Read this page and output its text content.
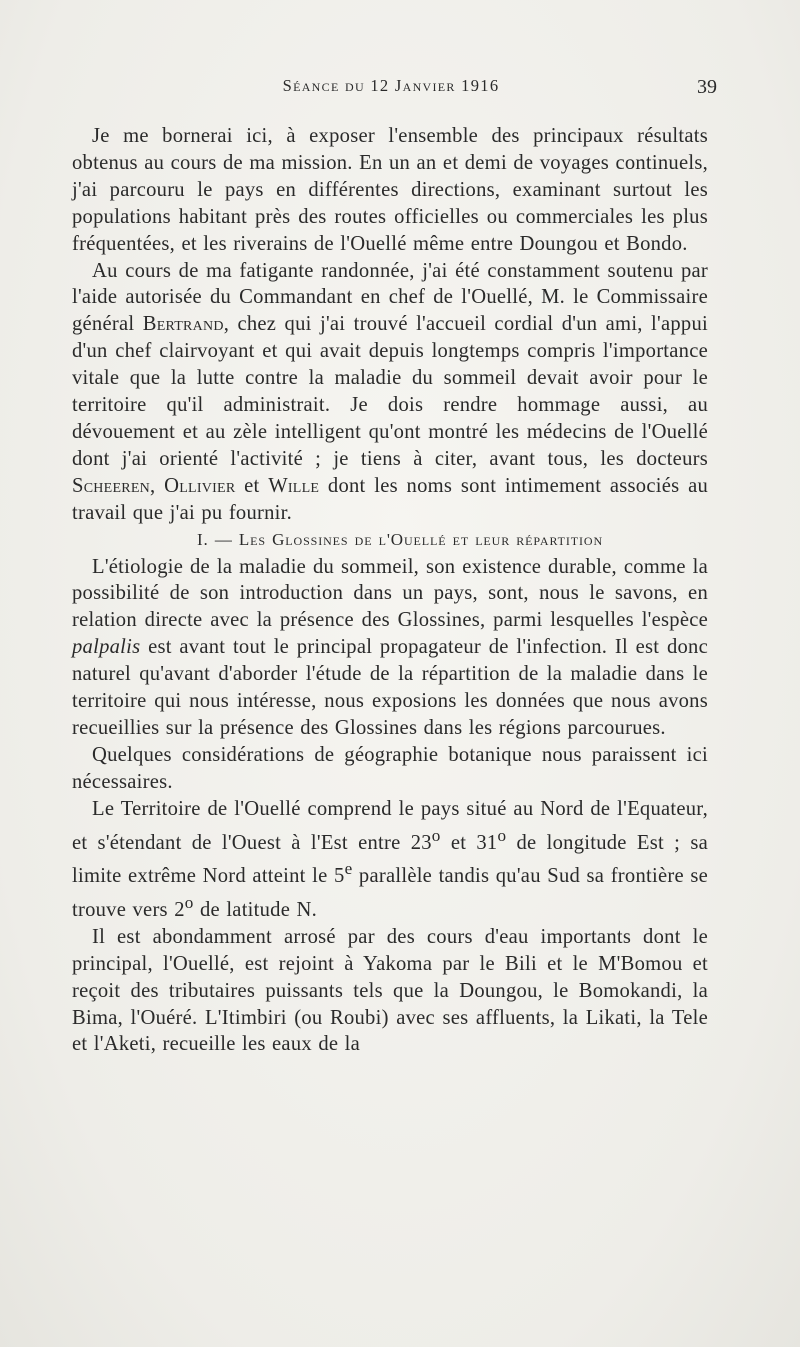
Séance du 12 Janvier 1916	39

Je me bornerai ici, à exposer l'ensemble des principaux résultats obtenus au cours de ma mission. En un an et demi de voyages continuels, j'ai parcouru le pays en différentes directions, examinant surtout les populations habitant près des routes officielles ou commerciales les plus fréquentées, et les riverains de l'Ouellé même entre Doungou et Bondo.

Au cours de ma fatigante randonnée, j'ai été constamment soutenu par l'aide autorisée du Commandant en chef de l'Ouellé, M. le Commissaire général Bertrand, chez qui j'ai trouvé l'accueil cordial d'un ami, l'appui d'un chef clairvoyant et qui avait depuis longtemps compris l'importance vitale que la lutte contre la maladie du sommeil devait avoir pour le territoire qu'il administrait. Je dois rendre hommage aussi, au dévouement et au zèle intelligent qu'ont montré les médecins de l'Ouellé dont j'ai orienté l'activité ; je tiens à citer, avant tous, les docteurs Scheeren, Ollivier et Wille dont les noms sont intimement associés au travail que j'ai pu fournir.

I. — Les Glossines de l'Ouellé et leur répartition

L'étiologie de la maladie du sommeil, son existence durable, comme la possibilité de son introduction dans un pays, sont, nous le savons, en relation directe avec la présence des Glossines, parmi lesquelles l'espèce palpalis est avant tout le principal propagateur de l'infection. Il est donc naturel qu'avant d'aborder l'étude de la répartition de la maladie dans le territoire qui nous intéresse, nous exposions les données que nous avons recueillies sur la présence des Glossines dans les régions parcourues.

Quelques considérations de géographie botanique nous paraissent ici nécessaires.

Le Territoire de l'Ouellé comprend le pays situé au Nord de l'Equateur, et s'étendant de l'Ouest à l'Est entre 23$^o$ et 31$^o$ de longitude Est ; sa limite extrême Nord atteint le 5e parallèle tandis qu'au Sud sa frontière se trouve vers 2$^o$ de latitude N.

Il est abondamment arrosé par des cours d'eau importants dont le principal, l'Ouellé, est rejoint à Yakoma par le Bili et le M'Bomou et reçoit des tributaires puissants tels que la Doungou, le Bomokandi, la Bima, l'Ouéré. L'Itimbiri (ou Roubi) avec ses affluents, la Likati, la Tele et l'Aketi, recueille les eaux de la
